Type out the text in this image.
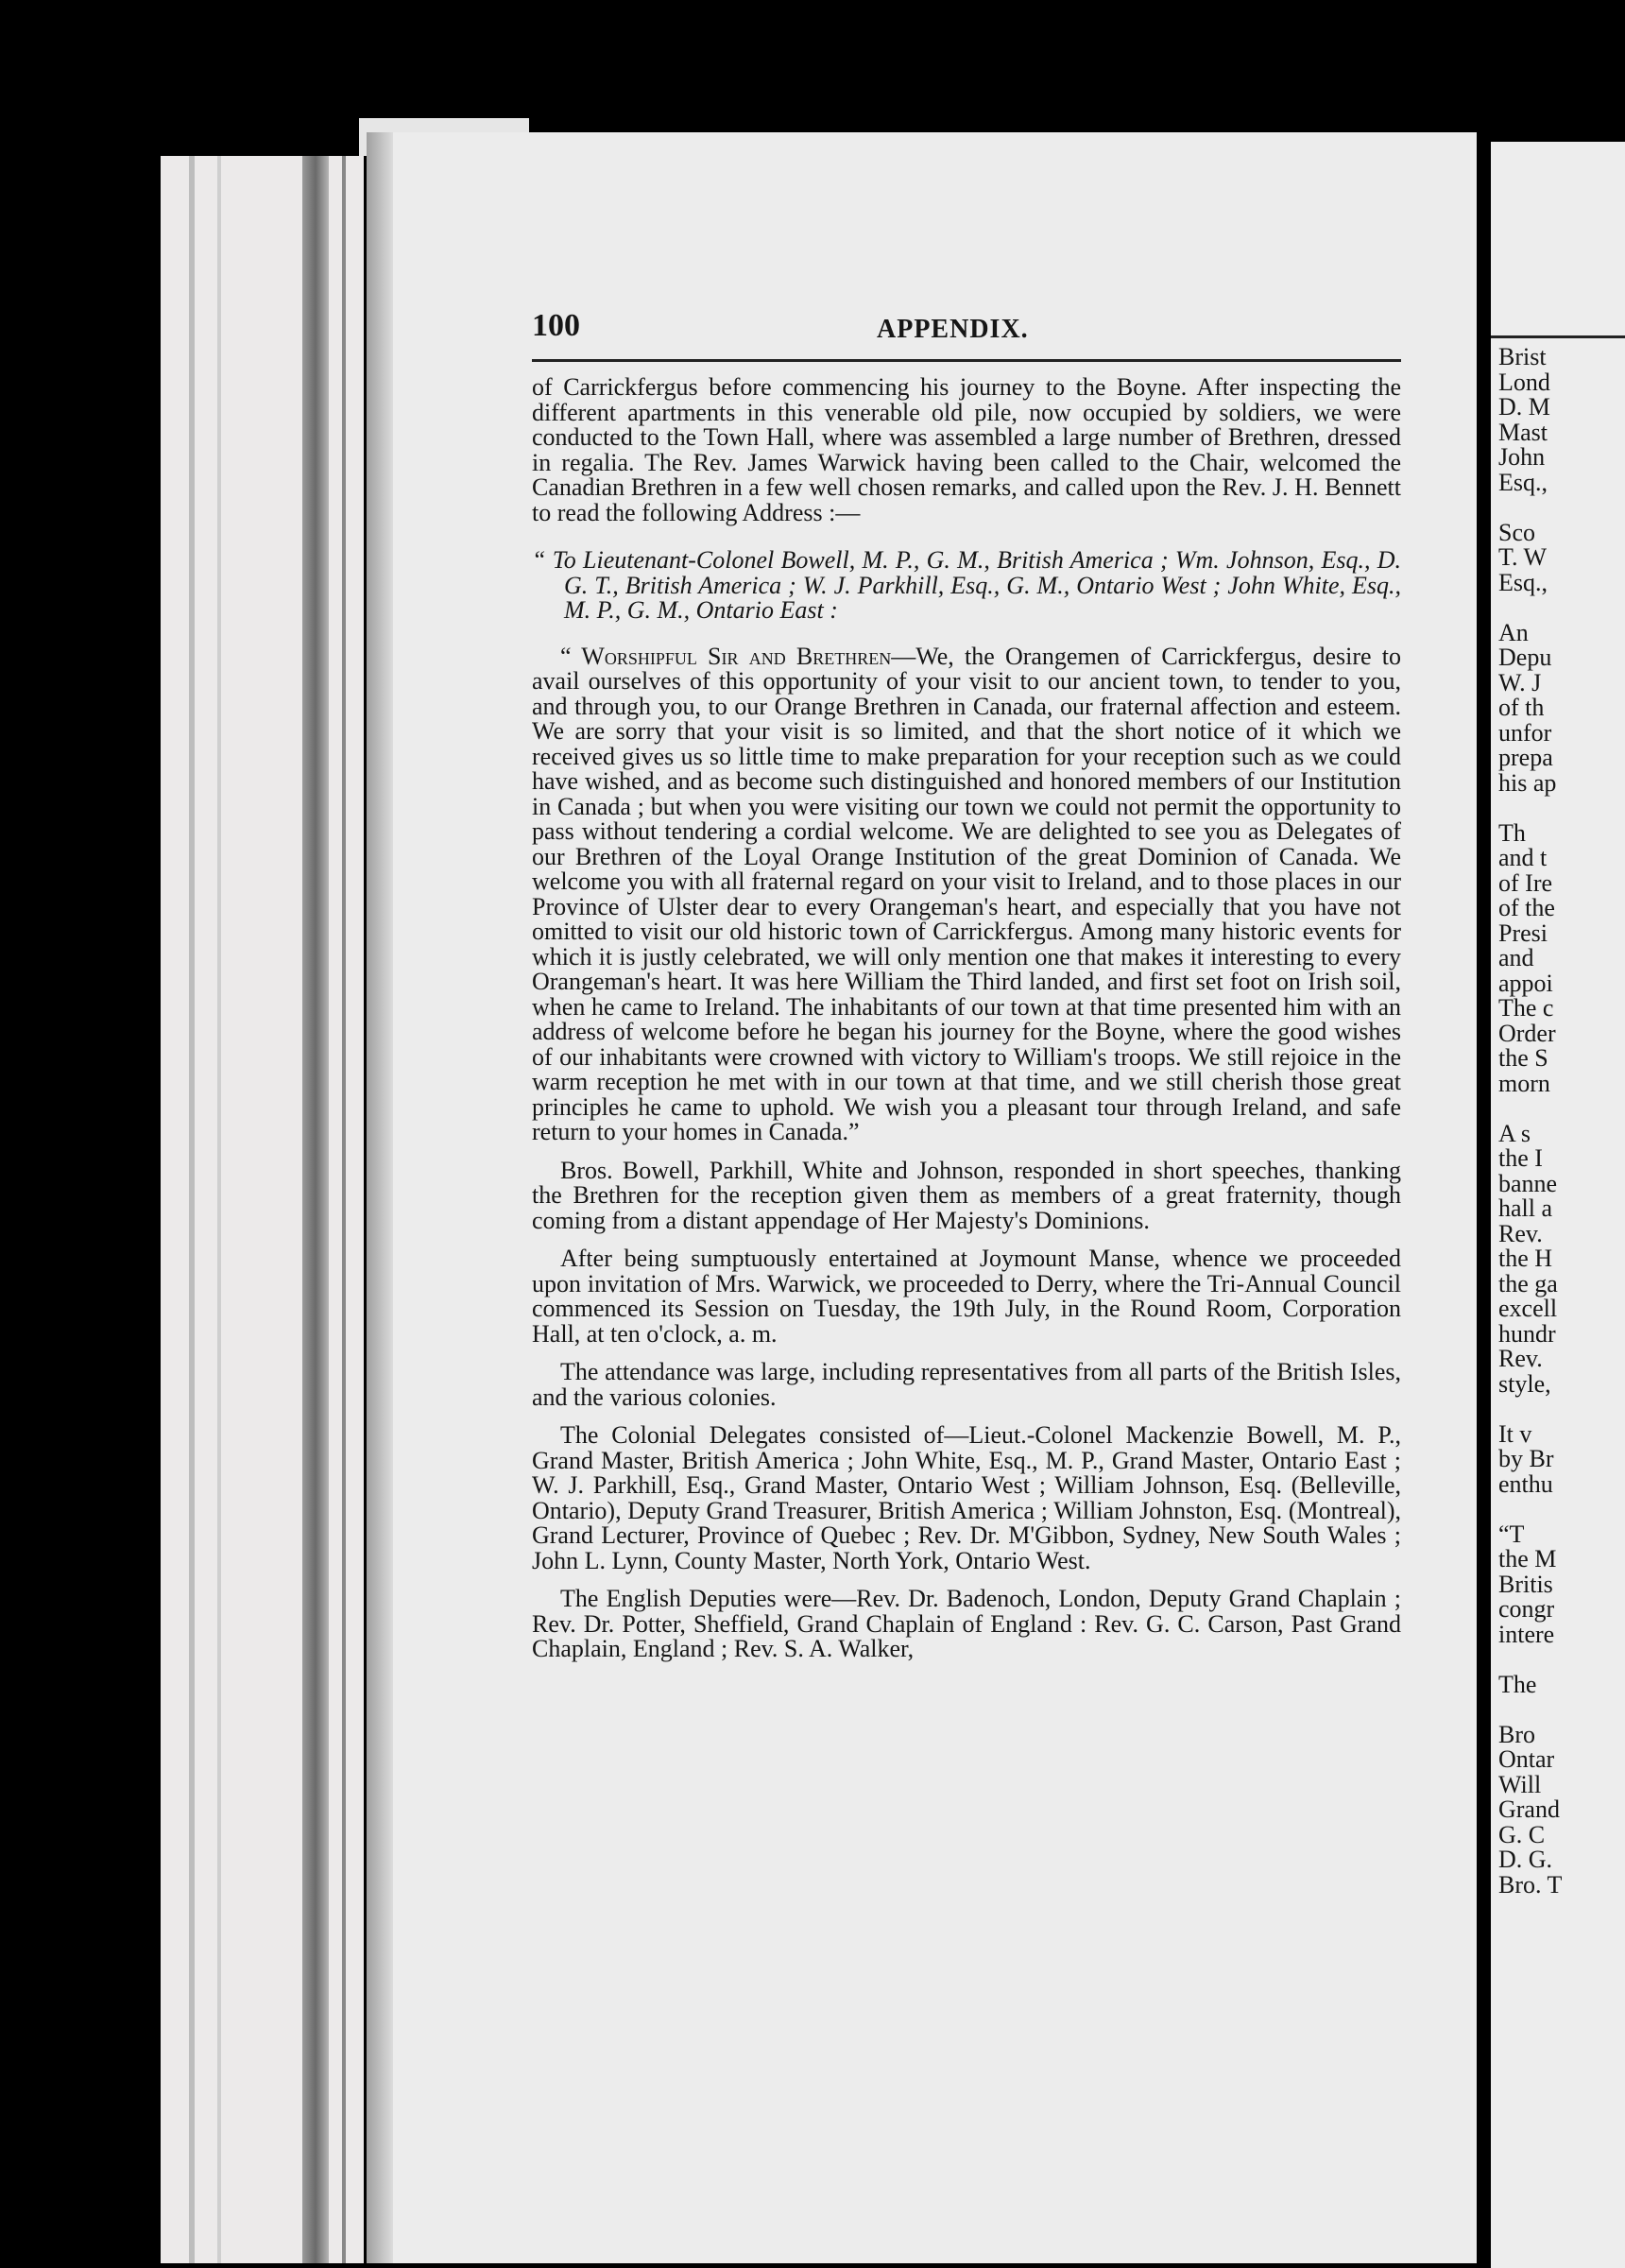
100	APPENDIX.

of Carrickfergus before commencing his journey to the Boyne. After inspecting the different apartments in this venerable old pile, now occupied by soldiers, we were conducted to the Town Hall, where was assembled a large number of Brethren, dressed in regalia. The Rev. James Warwick having been called to the Chair, welcomed the Canadian Brethren in a few well chosen remarks, and called upon the Rev. J. H. Bennett to read the following Address :—

“ To Lieutenant-Colonel Bowell, M. P., G. M., British America ; Wm. Johnson, Esq., D. G. T., British America ; W. J. Parkhill, Esq., G. M., Ontario West ; John White, Esq., M. P., G. M., Ontario East :

“ Worshipful Sir and Brethren—We, the Orangemen of Carrickfergus, desire to avail ourselves of this opportunity of your visit to our ancient town, to tender to you, and through you, to our Orange Brethren in Canada, our fraternal affection and esteem. We are sorry that your visit is so limited, and that the short notice of it which we received gives us so little time to make preparation for your reception such as we could have wished, and as become such distinguished and honored members of our Institution in Canada ; but when you were visiting our town we could not permit the opportunity to pass without tendering a cordial welcome. We are delighted to see you as Delegates of our Brethren of the Loyal Orange Institution of the great Dominion of Canada. We welcome you with all fraternal regard on your visit to Ireland, and to those places in our Province of Ulster dear to every Orangeman's heart, and especially that you have not omitted to visit our old historic town of Carrickfergus. Among many historic events for which it is justly celebrated, we will only mention one that makes it interesting to every Orangeman's heart. It was here William the Third landed, and first set foot on Irish soil, when he came to Ireland. The inhabitants of our town at that time presented him with an address of welcome before he began his journey for the Boyne, where the good wishes of our inhabitants were crowned with victory to William's troops. We still rejoice in the warm reception he met with in our town at that time, and we still cherish those great principles he came to uphold. We wish you a pleasant tour through Ireland, and safe return to your homes in Canada.”

Bros. Bowell, Parkhill, White and Johnson, responded in short speeches, thanking the Brethren for the reception given them as members of a great fraternity, though coming from a distant appendage of Her Majesty's Dominions.

After being sumptuously entertained at Joymount Manse, whence we proceeded upon invitation of Mrs. Warwick, we proceeded to Derry, where the Tri-Annual Council commenced its Session on Tuesday, the 19th July, in the Round Room, Corporation Hall, at ten o'clock, a. m.

The attendance was large, including representatives from all parts of the British Isles, and the various colonies.

The Colonial Delegates consisted of—Lieut.-Colonel Mackenzie Bowell, M. P., Grand Master, British America ; John White, Esq., M. P., Grand Master, Ontario East ; W. J. Parkhill, Esq., Grand Master, Ontario West ; William Johnson, Esq. (Belleville, Ontario), Deputy Grand Treasurer, British America ; William Johnston, Esq. (Montreal), Grand Lecturer, Province of Quebec ; Rev. Dr. M'Gibbon, Sydney, New South Wales ; John L. Lynn, County Master, North York, Ontario West.

The English Deputies were—Rev. Dr. Badenoch, London, Deputy Grand Chaplain ; Rev. Dr. Potter, Sheffield, Grand Chaplain of England : Rev. G. C. Carson, Past Grand Chaplain, England ; Rev. S. A. Walker,

Brist
Lond
D. M
Mast
John
Esq.,
Sco
T. W
Esq.,
An
Depu
W. J
of th
unfor
prepa
his ap
Th
and t
of Ire
of the
Presi
and
appoi
The c
Order
the S
morn
A s
the I
banne
hall a
Rev.
the H
the ga
excell
hundr
Rev.
style,
It v
by Br
enthu
“T
the M
Britis
congr
intere
The
Bro
Ontar
Will
Grand
G. C
D. G.
Bro. T
